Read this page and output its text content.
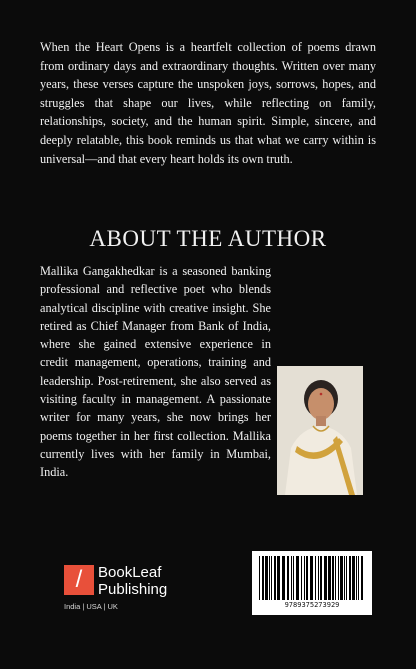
When the Heart Opens is a heartfelt collection of poems drawn from ordinary days and extraordinary thoughts. Written over many years, these verses capture the unspoken joys, sorrows, hopes, and struggles that shape our lives, while reflecting on family, relationships, society, and the human spirit. Simple, sincere, and deeply relatable, this book reminds us that what we carry within is universal—and that every heart holds its own truth.
ABOUT THE AUTHOR
Mallika Gangakhedkar is a seasoned banking professional and reflective poet who blends analytical discipline with creative insight. She retired as Chief Manager from Bank of India, where she gained extensive experience in credit management, operations, training and leadership. Post-retirement, she also served as visiting faculty in management. A passionate writer for many years, she now brings her poems together in her first collection. Mallika currently lives with her family in Mumbai, India.
/	BookLeaf
Publishing
India | USA | UK	9789375273929
